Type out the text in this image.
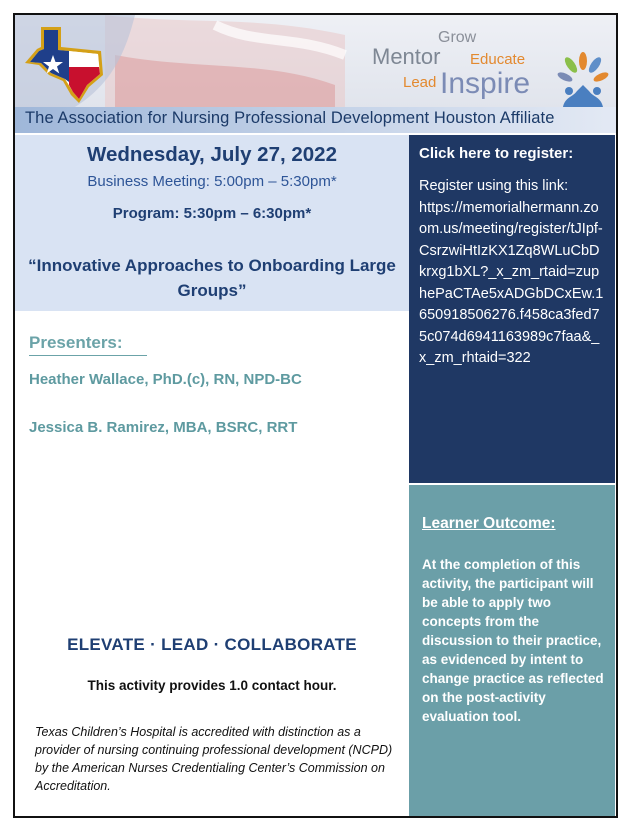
Grow
Mentor Educate
Lead Inspire
The Association for Nursing Professional Development Houston Affiliate
Wednesday, July 27, 2022
Business Meeting: 5:00pm – 5:30pm*
Program: 5:30pm – 6:30pm*
“Innovative Approaches to Onboarding Large Groups”
Presenters:
Heather Wallace, PhD.(c), RN, NPD-BC
Jessica B. Ramirez, MBA, BSRC, RRT
ELEVATE · LEAD · COLLABORATE
This activity provides 1.0 contact hour.
Texas Children’s Hospital is accredited with distinction as a provider of nursing continuing professional development (NCPD) by the American Nurses Credentialing Center’s Commission on Accreditation.
Click here to register:
Register using this link:
https://memorialhermann.zoom.us/meeting/register/tJIpf-CsrzwiHtIzKX1Zq8WLuCbDkrxg1bXL?_x_zm_rtaid=zuphePaCTAe5xADGbDCxEw.1650918506276.f458ca3fed75c074d6941163989c7faa&_x_zm_rhtaid=322
Learner Outcome:
At the completion of this activity, the participant will be able to apply two concepts from the discussion to their practice, as evidenced by intent to change practice as reflected on the post-activity evaluation tool.
